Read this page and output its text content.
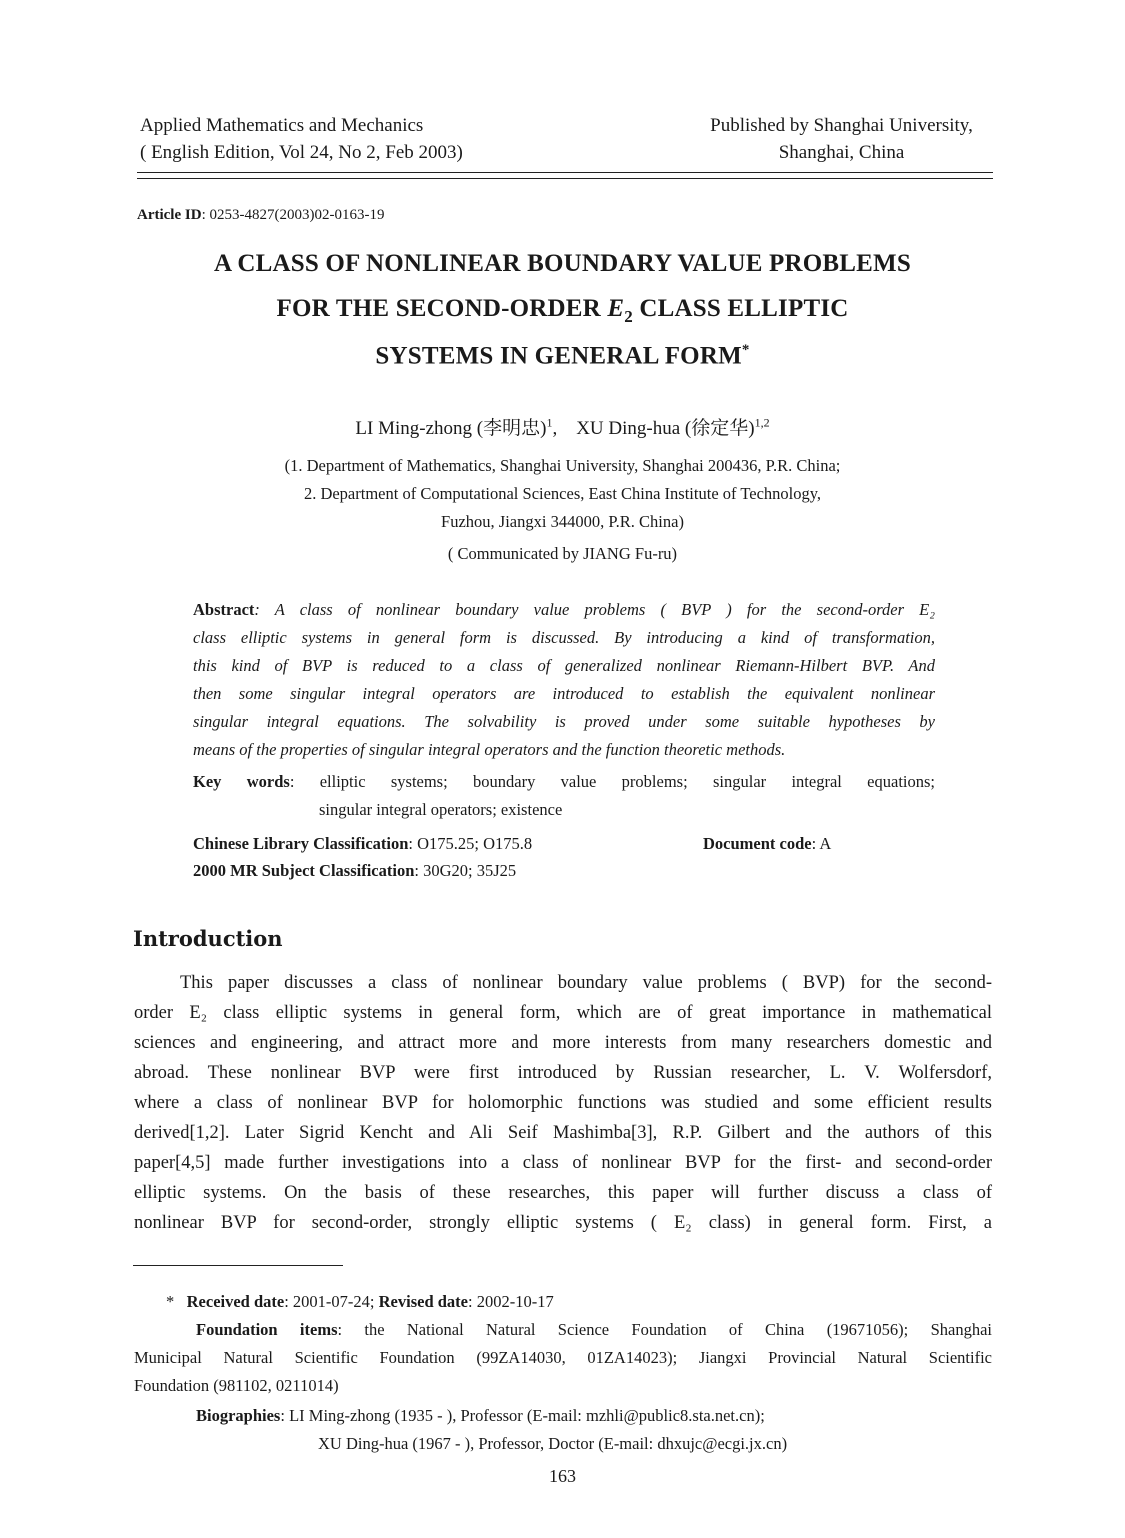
Applied Mathematics and Mechanics
( English Edition, Vol 24, No 2, Feb 2003)
Published by Shanghai University,
Shanghai, China
Article ID: 0253-4827(2003)02-0163-19
A CLASS OF NONLINEAR BOUNDARY VALUE PROBLEMS
FOR THE SECOND-ORDER $E_2$ CLASS ELLIPTIC
SYSTEMS IN GENERAL FORM*
LI Ming-zhong (李明忠)$^1$, XU Ding-hua (徐定华)$^{1,2}$
(1. Department of Mathematics, Shanghai University, Shanghai 200436, P.R. China;
2. Department of Computational Sciences, East China Institute of Technology,
Fuzhou, Jiangxi 344000, P.R. China)
( Communicated by JIANG Fu-ru)
Abstract: A class of nonlinear boundary value problems ( BVP ) for the second-order E₂
class elliptic systems in general form is discussed. By introducing a kind of transformation,
this kind of BVP is reduced to a class of generalized nonlinear Riemann-Hilbert BVP. And
then some singular integral operators are introduced to establish the equivalent nonlinear
singular integral equations. The solvability is proved under some suitable hypotheses by
means of the properties of singular integral operators and the function theoretic methods.
Key words: elliptic systems; boundary value problems; singular integral equations;
singular integral operators; existence
Chinese Library Classification: O175.25; O175.8	Document code: A
2000 MR Subject Classification: 30G20; 35J25
Introduction
This paper discusses a class of nonlinear boundary value problems ( BVP) for the second-
order E₂ class elliptic systems in general form, which are of great importance in mathematical
sciences and engineering, and attract more and more interests from many researchers domestic and
abroad. These nonlinear BVP were first introduced by Russian researcher, L. V. Wolfersdorf,
where a class of nonlinear BVP for holomorphic functions was studied and some efficient results
derived[1,2]. Later Sigrid Kencht and Ali Seif Mashimba[3], R.P. Gilbert and the authors of this
paper[4,5] made further investigations into a class of nonlinear BVP for the first- and second-order
elliptic systems. On the basis of these researches, this paper will further discuss a class of
nonlinear BVP for second-order, strongly elliptic systems ( E₂ class) in general form. First, a
* Received date: 2001-07-24; Revised date: 2002-10-17
Foundation items: the National Natural Science Foundation of China (19671056); Shanghai
Municipal Natural Scientific Foundation (99ZA14030, 01ZA14023); Jiangxi Provincial Natural Scientific
Foundation (981102, 0211014)
Biographies: LI Ming-zhong (1935 - ), Professor (E-mail: mzhli@public8.sta.net.cn);
XU Ding-hua (1967 - ), Professor, Doctor (E-mail: dhxujc@ecgi.jx.cn)
163
